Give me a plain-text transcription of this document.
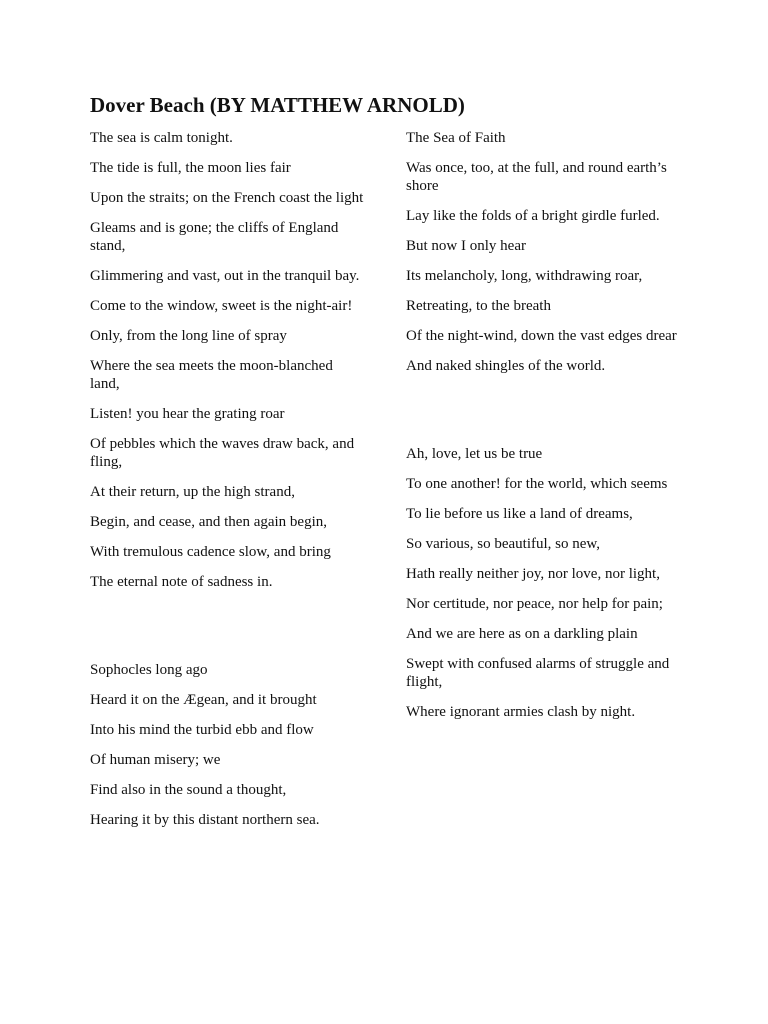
Dover Beach (BY MATTHEW ARNOLD)

The sea is calm tonight.

The tide is full, the moon lies fair

Upon the straits; on the French coast the light

Gleams and is gone; the cliffs of England stand,

Glimmering and vast, out in the tranquil bay.

Come to the window, sweet is the night-air!

Only, from the long line of spray

Where the sea meets the moon-blanched land,

Listen! you hear the grating roar

Of pebbles which the waves draw back, and fling,

At their return, up the high strand,

Begin, and cease, and then again begin,

With tremulous cadence slow, and bring

The eternal note of sadness in.

Sophocles long ago

Heard it on the Ægean, and it brought

Into his mind the turbid ebb and flow

Of human misery; we

Find also in the sound a thought,

Hearing it by this distant northern sea.

The Sea of Faith

Was once, too, at the full, and round earth’s shore

Lay like the folds of a bright girdle furled.

But now I only hear

Its melancholy, long, withdrawing roar,

Retreating, to the breath

Of the night-wind, down the vast edges drear

And naked shingles of the world.

Ah, love, let us be true

To one another! for the world, which seems

To lie before us like a land of dreams,

So various, so beautiful, so new,

Hath really neither joy, nor love, nor light,

Nor certitude, nor peace, nor help for pain;

And we are here as on a darkling plain

Swept with confused alarms of struggle and flight,

Where ignorant armies clash by night.
